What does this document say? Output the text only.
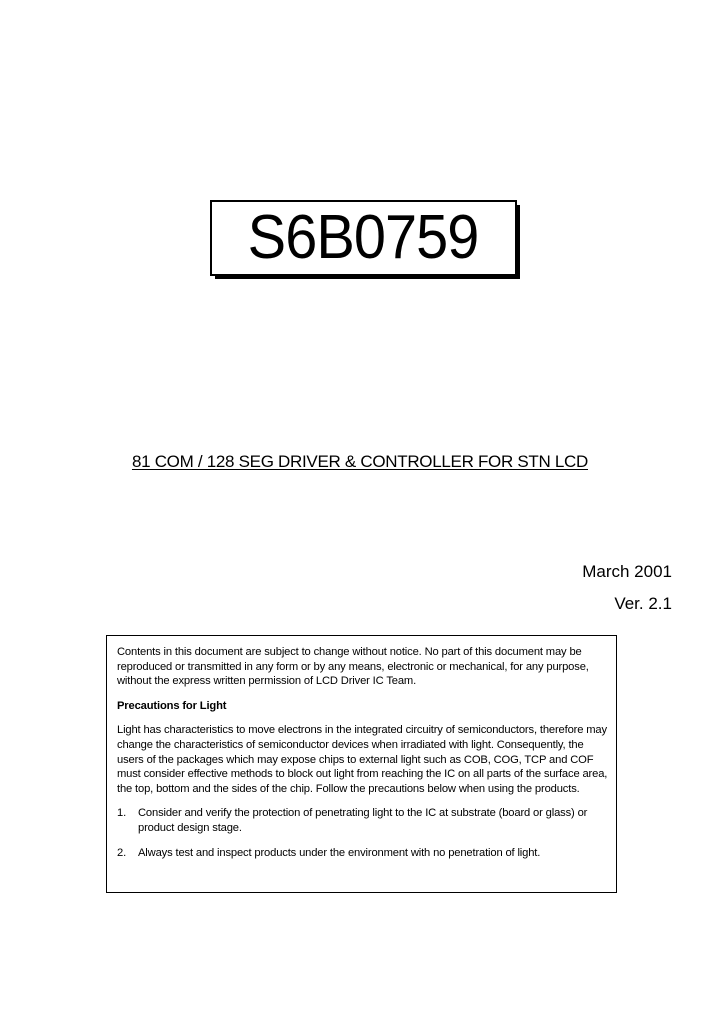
S6B0759
81 COM / 128 SEG DRIVER & CONTROLLER FOR STN LCD
March 2001
Ver. 2.1

Contents in this document are subject to change without notice. No part of this document may be reproduced or transmitted in any form or by any means, electronic or mechanical, for any purpose, without the express written permission of LCD Driver IC Team.

Precautions for Light

Light has characteristics to move electrons in the integrated circuitry of semiconductors, therefore may change the characteristics of semiconductor devices when irradiated with light. Consequently, the users of the packages which may expose chips to external light such as COB, COG, TCP and COF must consider effective methods to block out light from reaching the IC on all parts of the surface area, the top, bottom and the sides of the chip. Follow the precautions below when using the products.

1.	Consider and verify the protection of penetrating light to the IC at substrate (board or glass) or product design stage.
2.	Always test and inspect products under the environment with no penetration of light.
